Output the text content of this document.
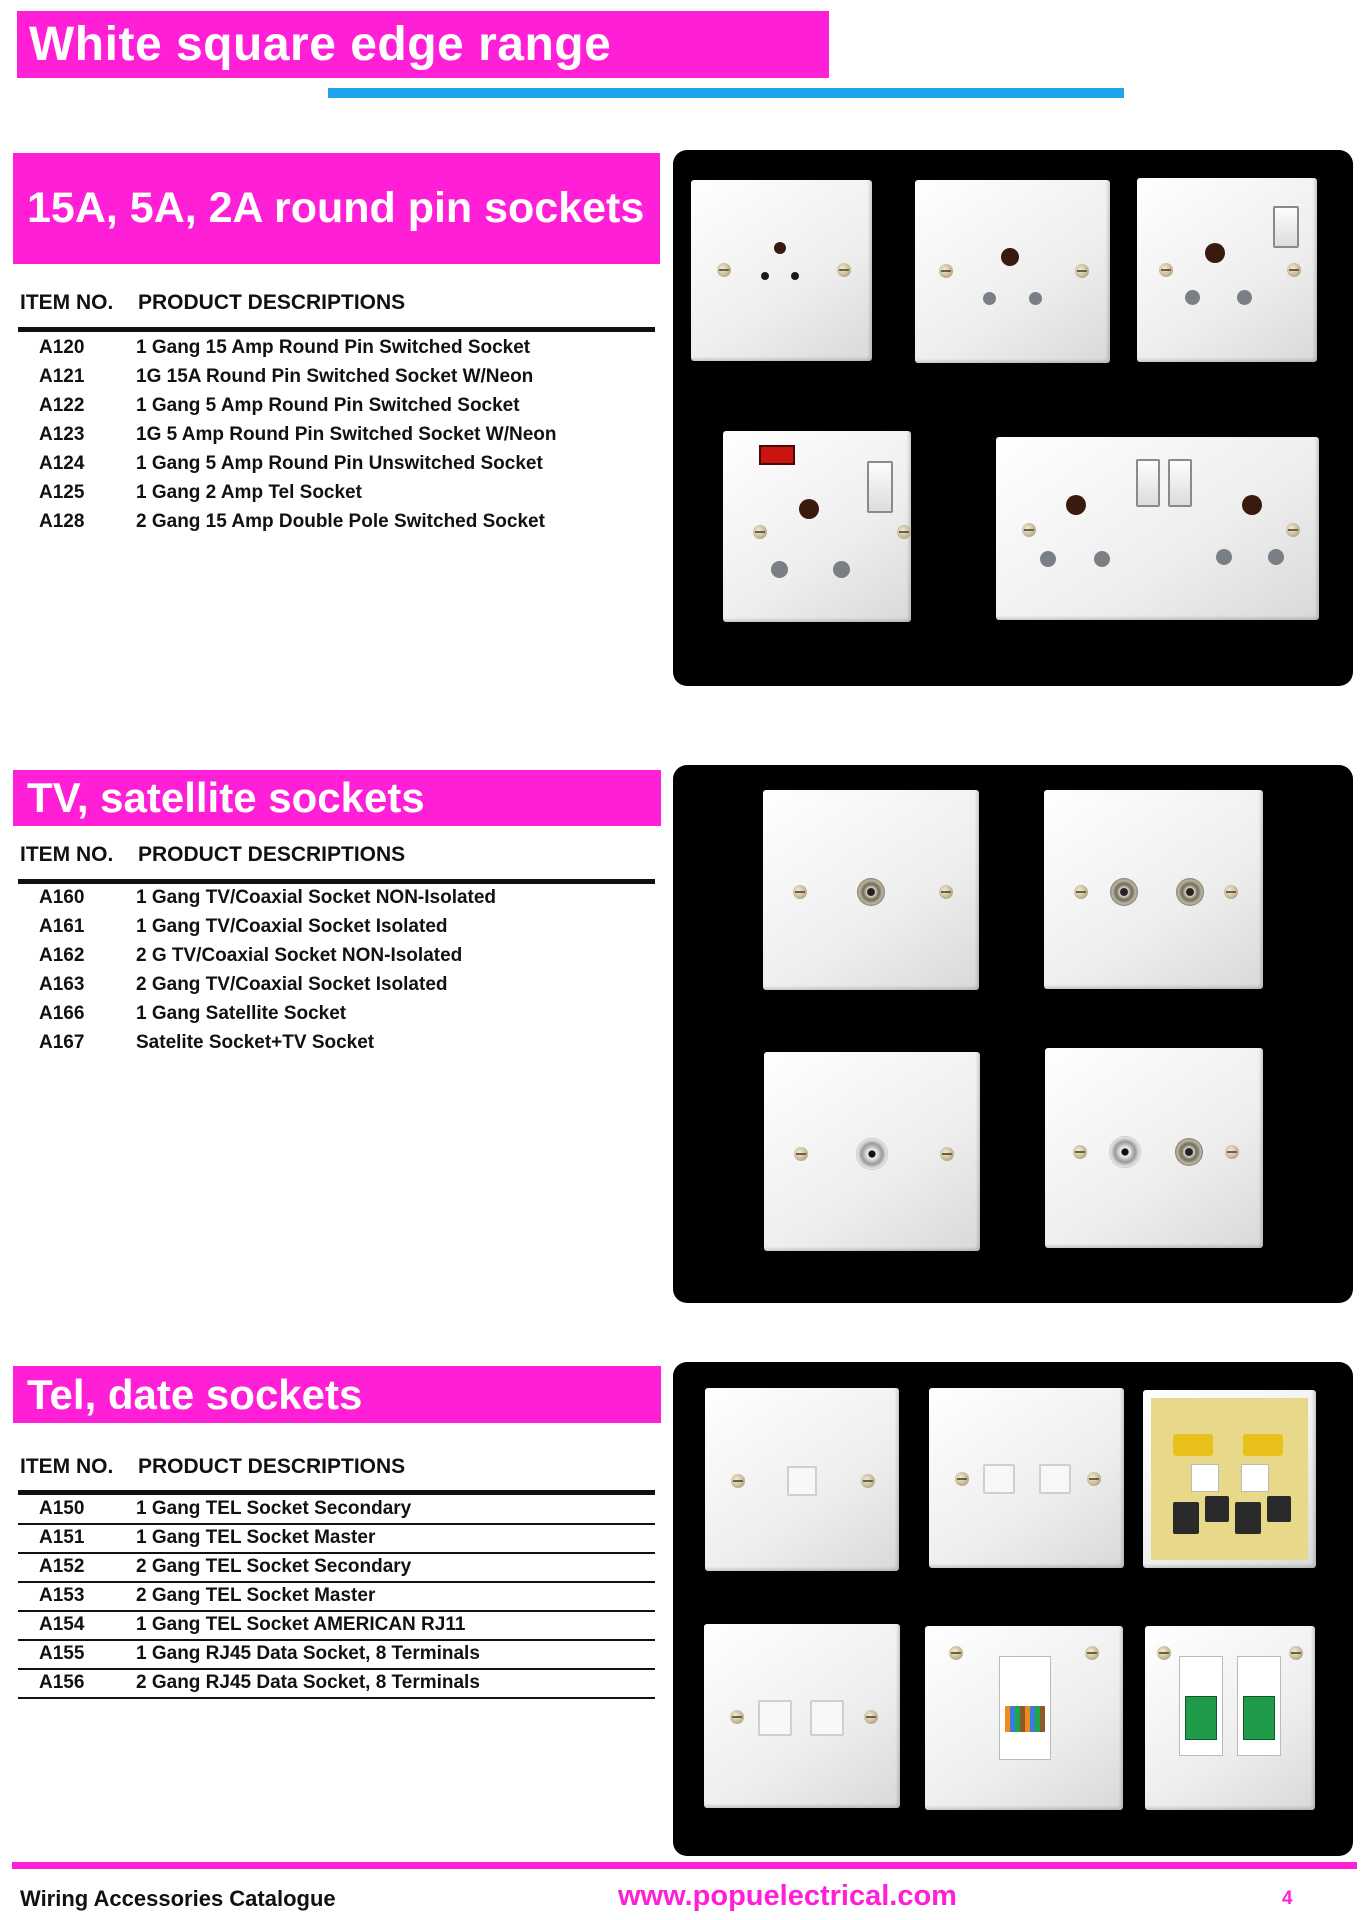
White square edge range
15A, 5A, 2A round pin sockets
ITEM NO. PRODUCT DESCRIPTIONS
A120	1 Gang 15 Amp Round Pin Switched Socket
A121	1G 15A Round Pin Switched Socket W/Neon
A122	1 Gang 5 Amp Round Pin Switched Socket
A123	1G 5 Amp Round Pin Switched Socket W/Neon
A124	1 Gang 5 Amp Round Pin Unswitched Socket
A125	1 Gang 2 Amp Tel Socket
A128	2 Gang 15 Amp Double Pole Switched Socket
TV, satellite sockets
ITEM NO. PRODUCT DESCRIPTIONS
A160	1 Gang TV/Coaxial Socket NON-Isolated
A161	1 Gang TV/Coaxial Socket Isolated
A162	2 G TV/Coaxial Socket NON-Isolated
A163	2 Gang TV/Coaxial Socket Isolated
A166	1 Gang Satellite Socket
A167	Satelite Socket+TV Socket
Tel, date sockets
ITEM NO. PRODUCT DESCRIPTIONS
A150	1 Gang TEL Socket Secondary
A151	1 Gang TEL Socket Master
A152	2 Gang TEL Socket Secondary
A153	2 Gang TEL Socket Master
A154	1 Gang TEL Socket AMERICAN RJ11
A155	1 Gang RJ45 Data Socket, 8 Terminals
A156	2 Gang RJ45 Data Socket, 8 Terminals
Wiring Accessories Catalogue	www.popuelectrical.com	4
